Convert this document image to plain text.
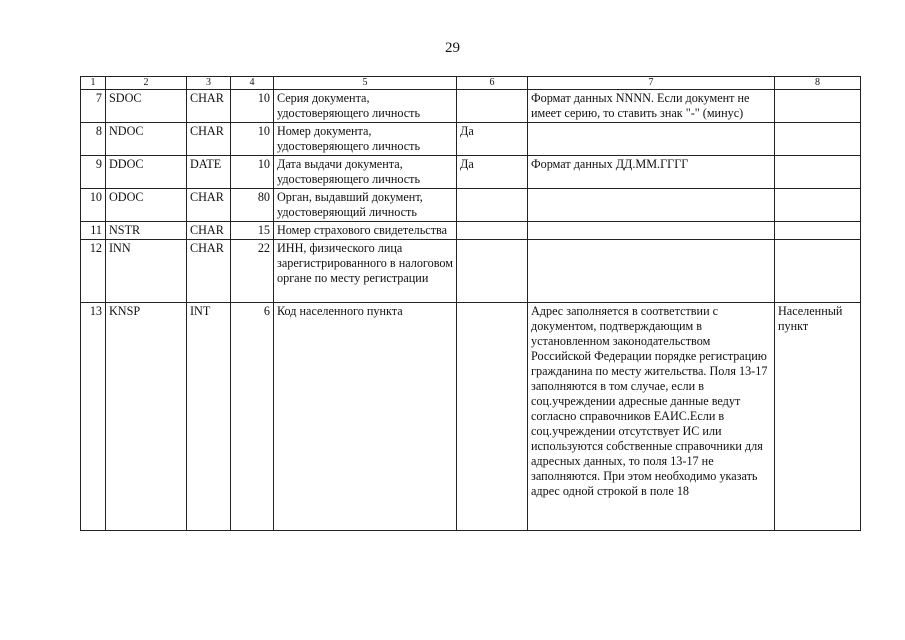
29
1	2	3	4	5	6	7	8
7	SDOC	CHAR	10	Серия документа, удостоверяющего личность		Формат данных NNNN. Если документ не имеет серию, то ставить знак "-" (минус)	
8	NDOC	CHAR	10	Номер документа, удостоверяющего личность	Да		
9	DDOC	DATE	10	Дата выдачи документа, удостоверяющего личность	Да	Формат данных ДД.ММ.ГГГГ	
10	ODOC	CHAR	80	Орган, выдавший документ, удостоверяющий личность			
11	NSTR	CHAR	15	Номер страхового свидетельства			
12	INN	CHAR	22	ИНН, физического лица зарегистрированного в налоговом органе по месту регистрации			
13	KNSP	INT	6	Код населенного пункта		Адрес заполняется в соответствии с документом, подтверждающим в установленном законодательством Российской Федерации порядке регистрацию гражданина по месту жительства. Поля 13-17 заполняются в том случае, если в соц.учреждении адресные данные ведут согласно справочников ЕАИС.Если в соц.учреждении отсутствует ИС или используются собственные справочники для адресных данных, то поля 13-17 не заполняются. При этом необходимо указать адрес одной строкой в поле 18	Населенный пункт
